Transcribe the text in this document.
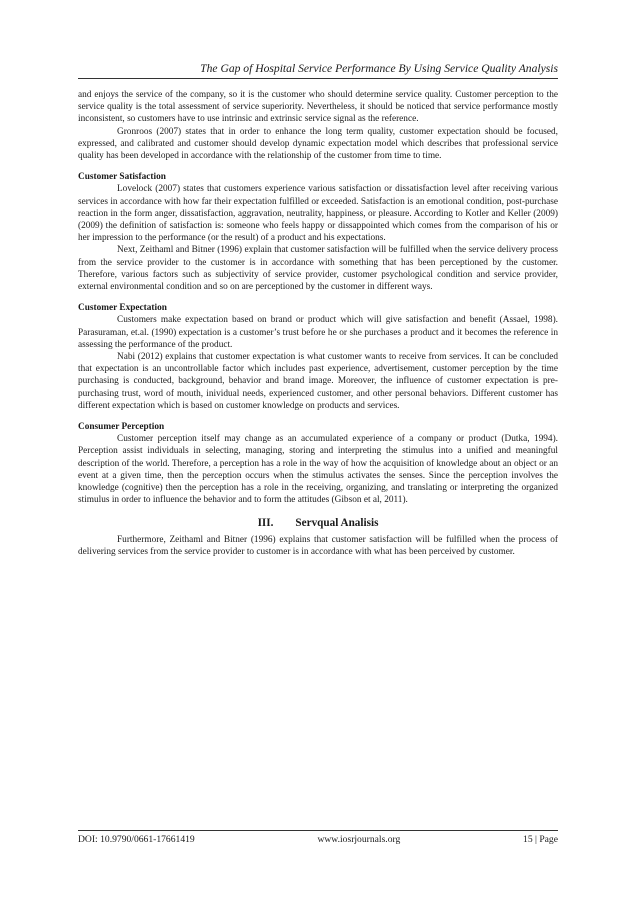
The Gap of Hospital Service Performance By Using Service Quality Analysis

and enjoys the service of the company, so it is the customer who should determine service quality. Customer perception to the service quality is the total assessment of service superiority. Nevertheless, it should be noticed that service performance mostly inconsistent, so customers have to use intrinsic and extrinsic service signal as the reference.

Gronroos (2007) states that in order to enhance the long term quality, customer expectation should be focused, expressed, and calibrated and customer should develop dynamic expectation model which describes that professional service quality has been developed in accordance with the relationship of the customer from time to time.

Customer Satisfaction

Lovelock (2007) states that customers experience various satisfaction or dissatisfaction level after receiving various services in accordance with how far their expectation fulfilled or exceeded. Satisfaction is an emotional condition, post-purchase reaction in the form anger, dissatisfaction, aggravation, neutrality, happiness, or pleasure. According to Kotler and Keller (2009) (2009) the definition of satisfaction is: someone who feels happy or dissappointed which comes from the comparison of his or her impression to the performance (or the result) of a product and his expectations.

Next, Zeithaml and Bitner (1996) explain that customer satisfaction will be fulfilled when the service delivery process from the service provider to the customer is in accordance with something that has been perceptioned by the customer. Therefore, various factors such as subjectivity of service provider, customer psychological condition and service provider, external environmental condition and so on are perceptioned by the customer in different ways.

Customer Expectation

Customers make expectation based on brand or product which will give satisfaction and benefit (Assael, 1998). Parasuraman, et.al. (1990) expectation is a customer’s trust before he or she purchases a product and it becomes the reference in assessing the performance of the product.

Nabi (2012) explains that customer expectation is what customer wants to receive from services. It can be concluded that expectation is an uncontrollable factor which includes past experience, advertisement, customer perception by the time purchasing is conducted, background, behavior and brand image. Moreover, the influence of customer expectation is pre-purchasing trust, word of mouth, inividual needs, experienced customer, and other personal behaviors. Different customer has different expectation which is based on customer knowledge on products and services.

Consumer Perception

Customer perception itself may change as an accumulated experience of a company or product (Dutka, 1994). Perception assist individuals in selecting, managing, storing and interpreting the stimulus into a unified and meaningful description of the world. Therefore, a perception has a role in the way of how the acquisition of knowledge about an object or an event at a given time, then the perception occurs when the stimulus activates the senses. Since the perception involves the knowledge (cognitive) then the perception has a role in the receiving, organizing, and translating or interpreting the organized stimulus in order to influence the behavior and to form the attitudes (Gibson et al, 2011).

III. Servqual Analisis

Furthermore, Zeithaml and Bitner (1996) explains that customer satisfaction will be fulfilled when the process of delivering services from the service provider to customer is in accordance with what has been perceived by customer.

DOI: 10.9790/0661-17661419	www.iosrjournals.org	15 | Page
